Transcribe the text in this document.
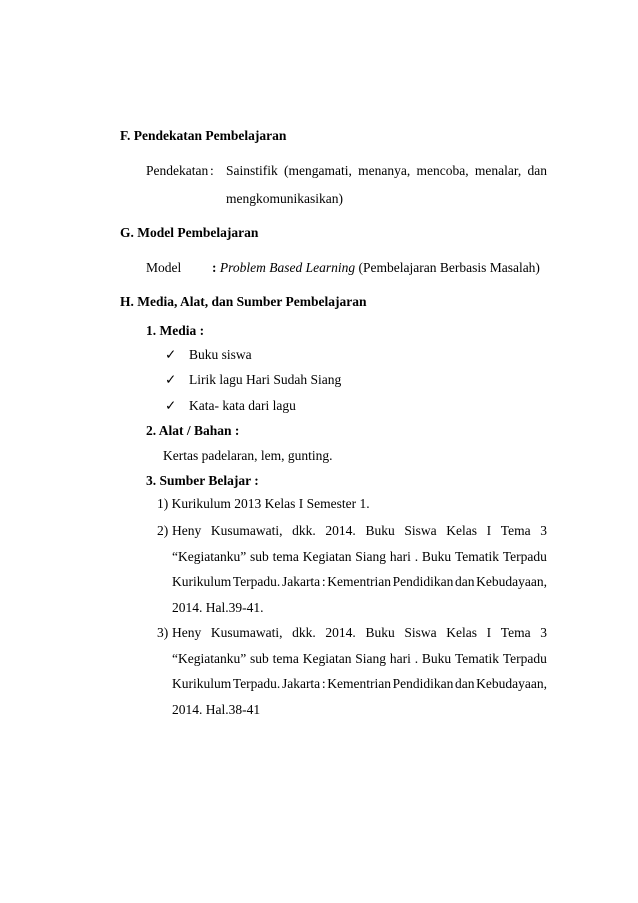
F. Pendekatan Pembelajaran
Pendekatan : Sainstifik (mengamati, menanya, mencoba, menalar, dan
mengkomunikasikan)
G. Model Pembelajaran
Model : Problem Based Learning (Pembelajaran Berbasis Masalah)
H. Media, Alat, dan Sumber Pembelajaran
1. Media :
✓ Buku siswa
✓ Lirik lagu Hari Sudah Siang
✓ Kata- kata dari lagu
2. Alat / Bahan :
Kertas padelaran, lem, gunting.
3. Sumber Belajar :
1) Kurikulum 2013 Kelas I Semester 1.
2) Heny Kusumawati, dkk. 2014. Buku Siswa Kelas I Tema 3
“Kegiatanku” sub tema Kegiatan Siang hari . Buku Tematik Terpadu
Kurikulum Terpadu. Jakarta : Kementrian Pendidikan dan Kebudayaan,
2014. Hal.39-41.
3) Heny Kusumawati, dkk. 2014. Buku Siswa Kelas I Tema 3
“Kegiatanku” sub tema Kegiatan Siang hari . Buku Tematik Terpadu
Kurikulum Terpadu. Jakarta : Kementrian Pendidikan dan Kebudayaan,
2014. Hal.38-41
